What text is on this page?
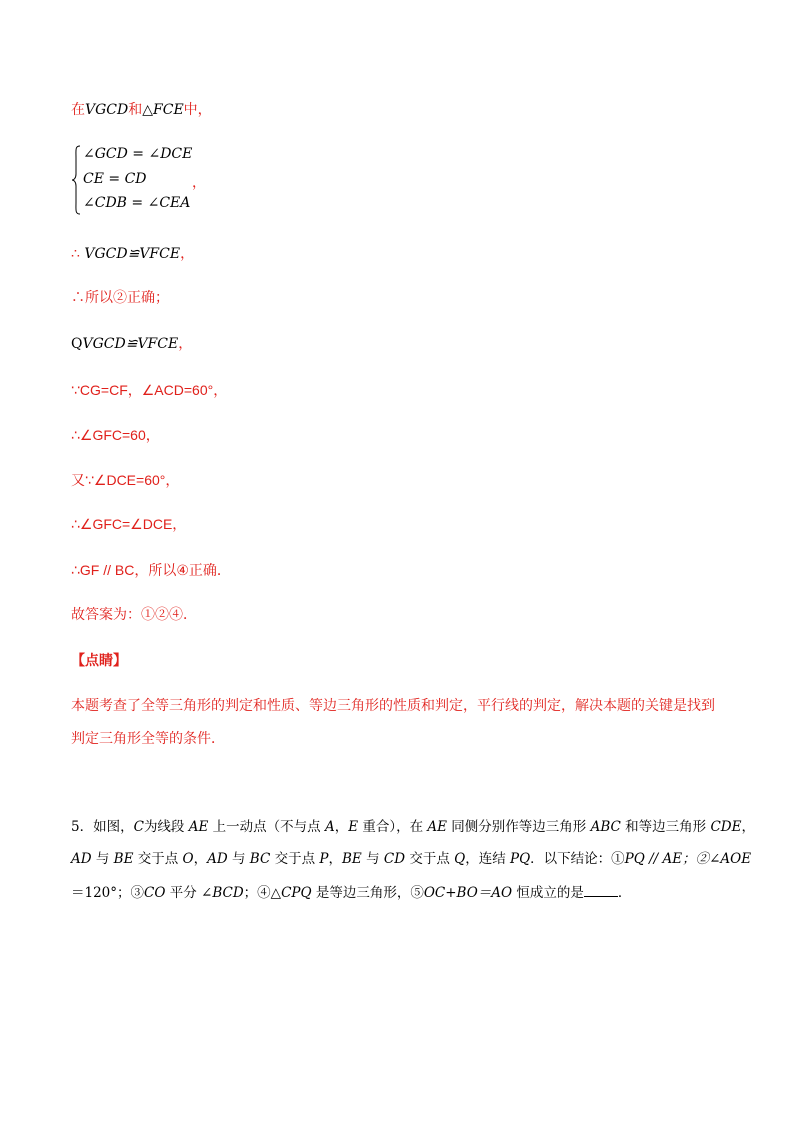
在VGCD和△FCE中，
∠GCD = ∠DCE
CE = CD
∠CDB = ∠CEA
，
∴ VGCD≌VFCE，
∴所以②正确；
QVGCD≌VFCE，
∵CG=CF，∠ACD=60°，
∴∠GFC=60，
又∵∠DCE=60°，
∴∠GFC=∠DCE，
∴GF // BC，所以④正确．
故答案为：①②④．
【点睛】
本题考查了全等三角形的判定和性质、等边三角形的性质和判定，平行线的判定，解决本题的关键是找到
判定三角形全等的条件．
5．如图，C为线段 AE 上一动点（不与点 A，E 重合），在 AE 同侧分别作等边三角形 ABC 和等边三角形 CDE，
AD 与 BE 交于点 O，AD 与 BC 交于点 P，BE 与 CD 交于点 Q，连结 PQ．以下结论：①PQ // AE；②∠AOE
＝120°；③CO 平分 ∠BCD；④△CPQ 是等边三角形，⑤OC+BO＝AO 恒成立的是	．
